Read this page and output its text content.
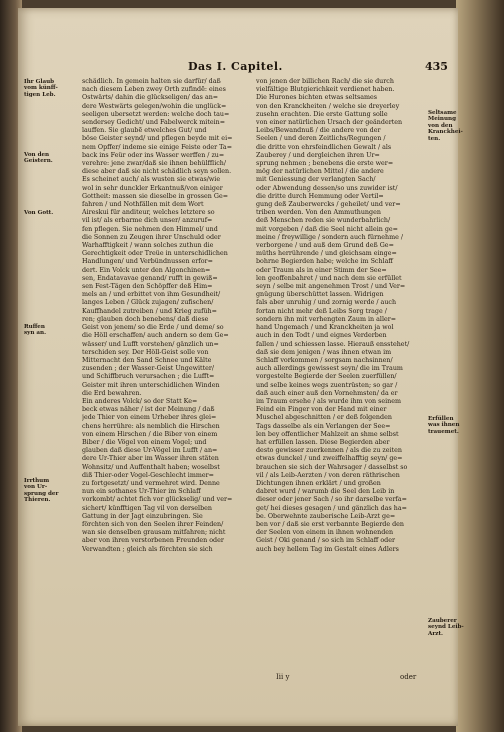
Das I. Capitel.	435
schädlich. In gemein halten sie darfür/ daß
nach diesem Leben zwey Orth zufindẽ: eines
Ostwärts/ dahin die glückseligen/ das an=
dere Westwärts gelegen/wohin die unglück=
seeligen ubersetzt werden: welche doch tau=
sendersey Gedicht/ und Fabelwerck mitein=
lauffen. Sie glaubẽ etwelches Gut/ und
böse Geister seynd/ und pflegen beyde mit ei=
nem Opffer/ indeme sie einige Feiste oder Ta=
back ins Feür oder ins Wasser werffen / zu=
verehre: jene zwar/daß sie ihnen behülfflich/
diese aber daß sie nicht schädlich seyn sollen.
Es scheinet auch/ als wusten sie etwas/wie
wol in sehr dunckler Erkantnuß/von einiger
Gottheit: massen sie dieselbe in grossen Ge=
fahren / und Nothfällen mit dem Wort
Aireskui für anditeur, welches letztere so
vil ist/ als erbarme dich unser/ anzuruf=
fen pflegen. Sie nehmen den Himmel/ und
die Sonnen zu Zeugen ihrer Unschuld oder
Warhafftigkeit / wann solches zuthun die
Gerechtigkeit oder Treüe in unterschidlichen
Handlungen/ und Verbündnussen erfor=
dert. Ein Volck unter den Algonchinen=
sen, Endatavavae genand/ rufft in gewiß=
sen Fest-Tägen den Schöpffer deß Him=
mels an / und erbittet von ihm Gesundheit/
langes Leben / Glück zujagen/ zufischen/
Kauffhandel zutreiben / und Krieg zufüh=
ren; glauben doch benebens/ daß diese
Geist von jenem/ so die Erde / und deme/ so
die Höll erschaffen/ auch andern so dem Ge=
wässer/ und Lufft vorstehen/ gänzlich un=
terschiden sey. Der Höll-Geist solle von
Mitternacht den Sand Schnee und Kälte
zusenden ; der Wasser-Geist Ungewitter/
und Schiffbruch verursachen ; die Lufft=
Geister mit ihren unterschidlichen Winden
die Erd bewahren.
Ein anderes Volck/ so der Statt Ke=
beck etwas näher / ist der Meinung / daß
jede Thier von einem Urheber ihres glei=
chens herrühre: als nemblich die Hirschen
von einem Hirschen / die Biber von einem
Biber / die Vögel von einem Vogel; und
glauben daß diese Ur-Vögel im Lufft / an=
dere Ur-Thier aber im Wasser ihren stäten
Wohnsitz/ und Auffenthalt haben; woselbst
diß Thier-oder Vogel-Geschlecht immer=
zu fortgesetzt/ und vermehret wird. Denne
nun ein sothanes Ur-Thier im Schlaff
vorkombt/ achtet fich vor glückselig/ und ver=
sichert/ künfftigen Tag vil von derselben
Gattung in der Jagt einzubringen. Sie
förchten sich von den Seelen ihrer Feinden/
wan sie denselben grausam mitfahren; nicht
aber von ihren verstorbenen Freunden oder
Verwandten ; gleich als förchten sie sich
von jenen der billichen Rach/ die sie durch
vielfältige Blutgierichkeit verdienet haben.
Die Hurones bichten etwas seltsames
von den Kranckheiten / welche sie dreyerley
zusehn erachten. Die erste Gattung solle
von einer natürlichen Ursach der geänderten
Leibs/Bewandnuß / die andere von der
Seelen / und deren Zeitlichs/Regungen /
die dritte von ehrsfeindlichen Gewalt / als
Zauberey / und dergleichen ihren Ur=
sprung nehmen ; benebens die erste wer=
mög der natürlichen Mittel / die andere
mit Geniessung der verlangten Sach/
oder Abwendung dessen/so uns zuwider ist/
die dritte durch Hemmung oder Vertil=
gung deß Zauberwercks / geheilet/ und ver=
triben werden. Von den Ammuthungen
deß Menschen reden sie wunderbahrlich/
mit vorgeben / daß die Seel nicht allein ge=
meine / freywillige / sondern auch fürnehme /
verborgene / und auß dem Grund deß Ge=
müths herrührende / und gleichsam einge=
bohrne Begierden habe; welche im Schlaff
oder Traum als in einer Stimm der See=
len geoffenbahret / und nach dem sie erfüllet
seyn / selbe mit angenehmen Trost / und Ver=
gnügung überschüttet lassen. Widrigen
fals aber unruhig / und zornig werde / auch
fortan nicht mehr deß Leibs Sorg trage /
sondern ihn mit verhengten Zaum in aller=
hand Ungemach / und Kranckheiten ja wol
auch in den Todt / und eignes Verderben
fallen / und schiessen lasse. Hierauß ensstehet/
daß sie dem jenigen / was ihnen etwan im
Schlaff vorkommen / sorgsam nachsinnen/
auch allerdings gewissest seyn/ die im Traum
vorgestelte Begierde der Seelen zuerfüllen/
und selbe keines wegs zuentrüsten; so gar /
daß auch einer auß den Vornehmsten/ da er
im Traum ersehe / als wurde ihm von seinem
Feind ein Finger von der Hand mit einer
Muschel abgeschnitten / er deß folgenden
Tags dasselbe als ein Verlangen der See=
len bey offentlicher Mahlzeit an shme selbst
hat erfüllen lassen. Diese Begierden aber
desto gewisser zuerkennen / als die zu zeiten
etwas dunckel / und zweiffelhafftig seyn/ ge=
brauchen sie sich der Wahrsager / dasselbst so
vil / als Leib-Aerzten / von deren räthrischen
Dichtungen ihnen erklärt / und großen
dabret wurd / warumb die Seel den Leib in
dieser oder jener Sach / so ihr darselbe verfa=
get/ hei dieses gesagen / und gänzlich das ha=
be. Oberwehnte zauberische Leib-Arzt ge=
ben vor / daß sie erst verbannte Begierde den
der Seelen von einem in ihnen wohnenden
Geist / Oki genand / so sich im Schlaff oder
auch bey hellem Tag im Gestalt eines Adlers
Ihr Glaub
vom künff-
tigen Leb.
Von den
Geistern.
Von Gott.
Ruffen
syn an.
Irrthum
von Ur-
sprung der
Thieren.
Seltsame
Meinung
von den
Kranckhei-
ten.
Erfüllen
was ihnen
trauemet.
Zauberer
seynd Leib-
Arzt.
Iii y	oder
